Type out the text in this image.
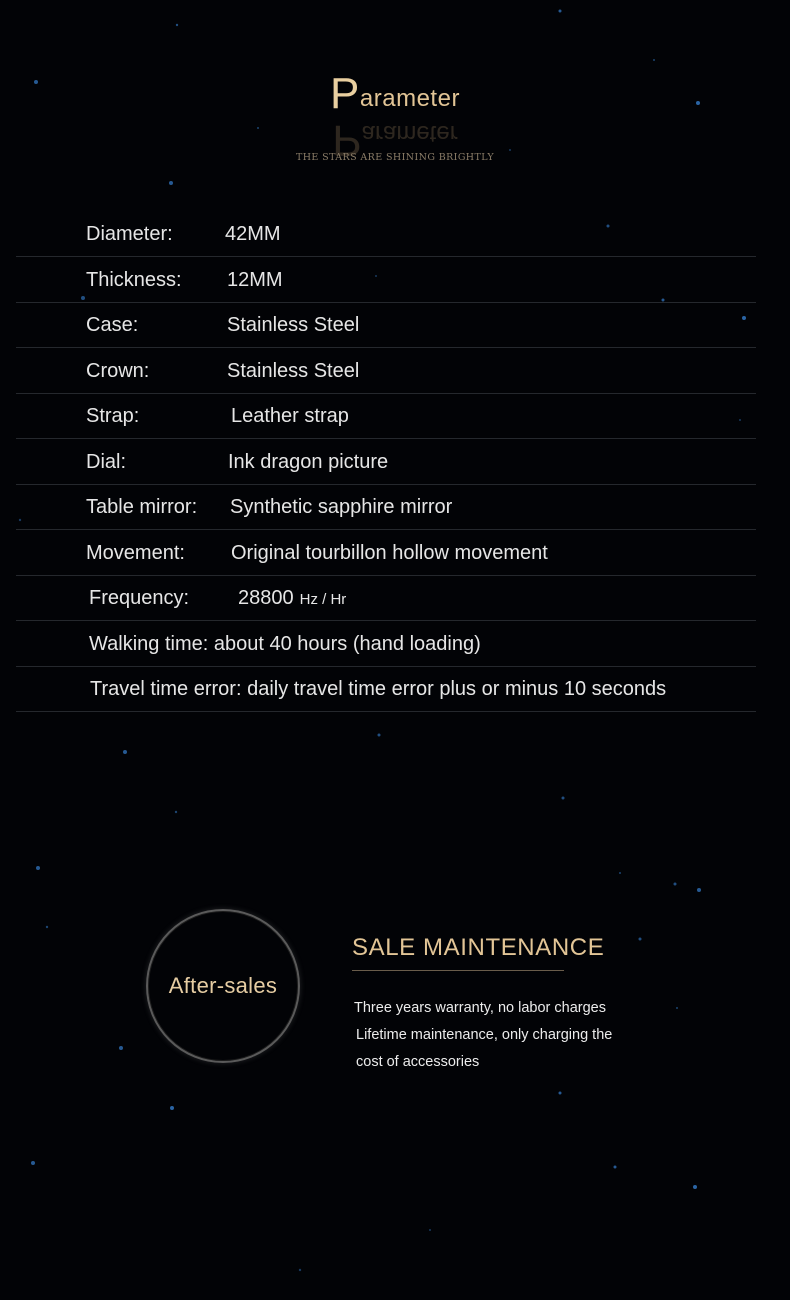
Parameter
Parameter
THE STARS ARE SHINING BRIGHTLY
Diameter:	42MM
Thickness: 12MM
Case:	Stainless Steel
Crown:	Stainless Steel
Strap:	Leather strap
Dial:	Ink dragon picture
Table mirror: Synthetic sapphire mirror
Movement: Original tourbillon hollow movement
Frequency: 28800 Hz / Hr
Walking time: about 40 hours (hand loading)
Travel time error: daily travel time error plus or minus 10 seconds
After-sales
SALE MAINTENANCE
Three years warranty, no labor charges
Lifetime maintenance, only charging the
cost of accessories
